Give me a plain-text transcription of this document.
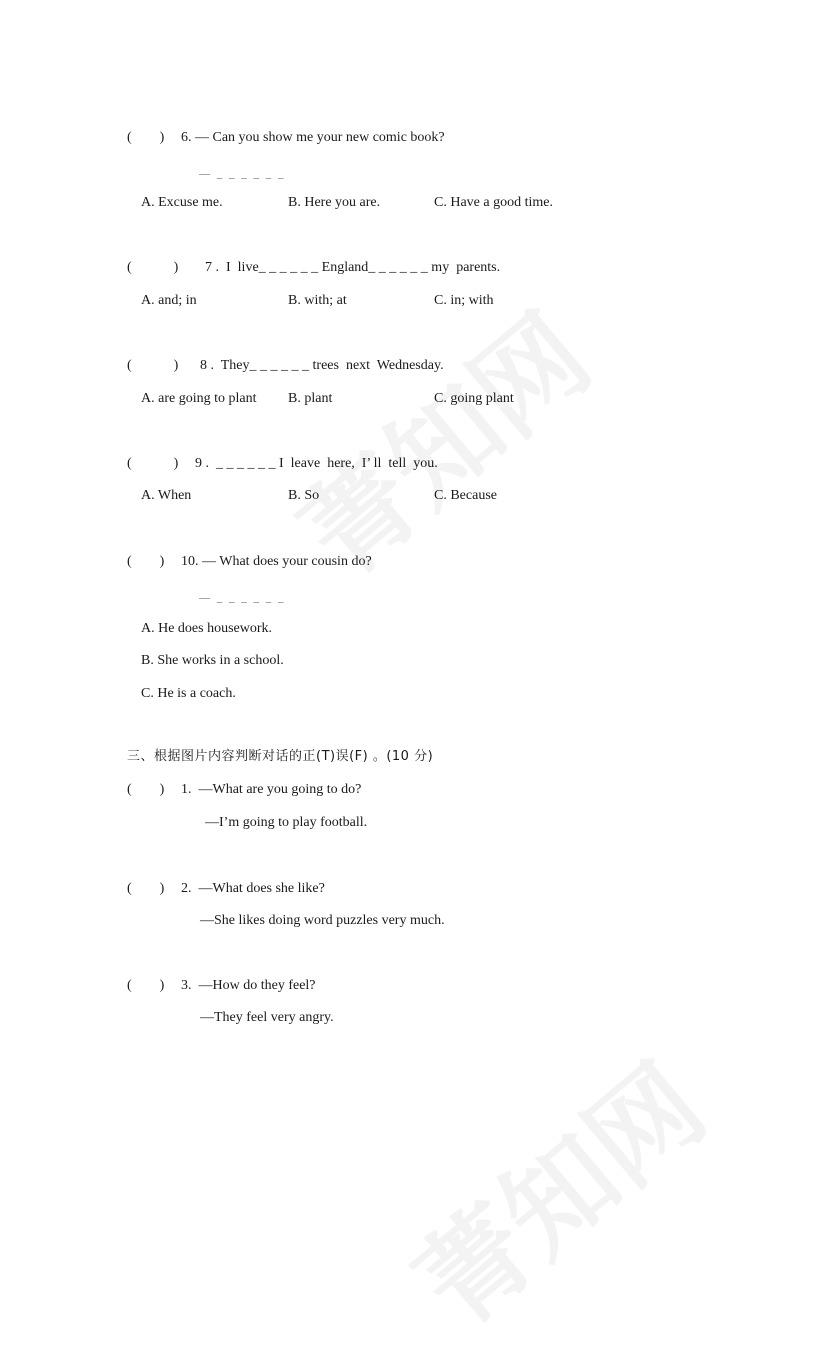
(        ) 6. — Can you show me your new comic book?
— _ _ _ _ _ _
A. Excuse me.	B. Here you are.	C. Have a good time.
(            ) 7 .  I  live_ _ _ _ _ _ England_ _ _ _ _ _ my  parents.
A. and; in	B. with; at	C. in; with
(            ) 8 .  They_ _ _ _ _ _ trees  next  Wednesday.
A. are going to plant B. plant	C. going plant
(            ) 9 .  _ _ _ _ _ _ I  leave  here,  I’ ll  tell  you.
A. When	B. So	C. Because
(        ) 10. — What does your cousin do?
— _ _ _ _ _ _
A. He does housework.
B. She works in a school.
C. He is a coach.
三、根据图片内容判断对话的正(T)误(F) 。(10 分)
(        ) 1.  —What are you going to do?
—I’m going to play football.
(        ) 2.  —What does she like?
—She likes doing word puzzles very much.
(        ) 3.  —How do they feel?
—They feel very angry.
